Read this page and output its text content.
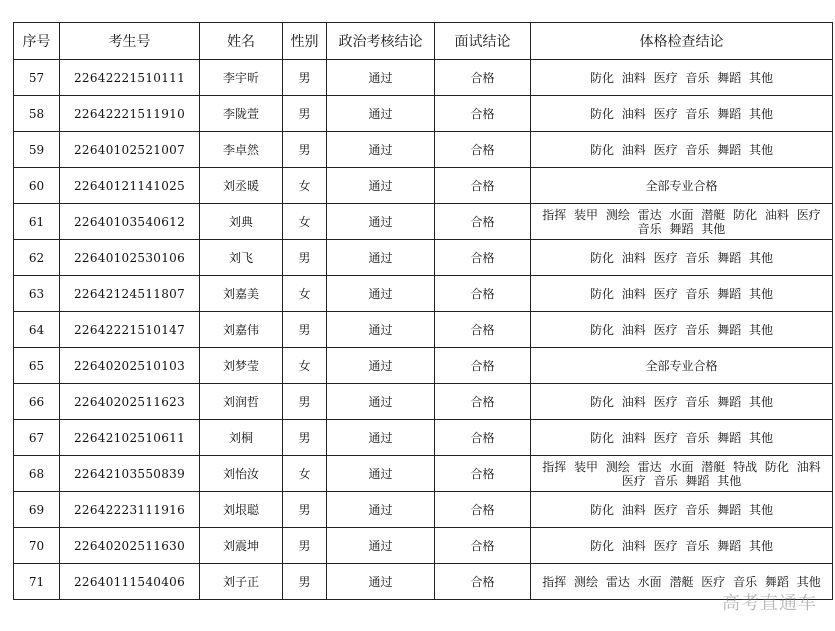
序号	考生号	姓名	性别	政治考核结论	面试结论	体格检查结论
57	22642221510111	李宇昕	男	通过	合格	防化 油料 医疗 音乐 舞蹈 其他
58	22642221511910	李陇萱	男	通过	合格	防化 油料 医疗 音乐 舞蹈 其他
59	22640102521007	李卓然	男	通过	合格	防化 油料 医疗 音乐 舞蹈 其他
60	22640121141025	刘丞暖	女	通过	合格	全部专业合格
61	22640103540612	刘典	女	通过	合格	指挥 装甲 测绘 雷达 水面 潜艇 防化 油料 医疗 音乐 舞蹈 其他
62	22640102530106	刘飞	男	通过	合格	防化 油料 医疗 音乐 舞蹈 其他
63	22642124511807	刘嘉美	女	通过	合格	防化 油料 医疗 音乐 舞蹈 其他
64	22642221510147	刘嘉伟	男	通过	合格	防化 油料 医疗 音乐 舞蹈 其他
65	22640202510103	刘梦莹	女	通过	合格	全部专业合格
66	22640202511623	刘润哲	男	通过	合格	防化 油料 医疗 音乐 舞蹈 其他
67	22642102510611	刘桐	男	通过	合格	防化 油料 医疗 音乐 舞蹈 其他
68	22642103550839	刘怡汝	女	通过	合格	指挥 装甲 测绘 雷达 水面 潜艇 特战 防化 油料 医疗 音乐 舞蹈 其他
69	22642223111916	刘垠聪	男	通过	合格	防化 油料 医疗 音乐 舞蹈 其他
70	22640202511630	刘震坤	男	通过	合格	防化 油料 医疗 音乐 舞蹈 其他
71	22640111540406	刘子正	男	通过	合格	指挥 测绘 雷达 水面 潜艇 医疗 音乐 舞蹈 其他
高考直通车
